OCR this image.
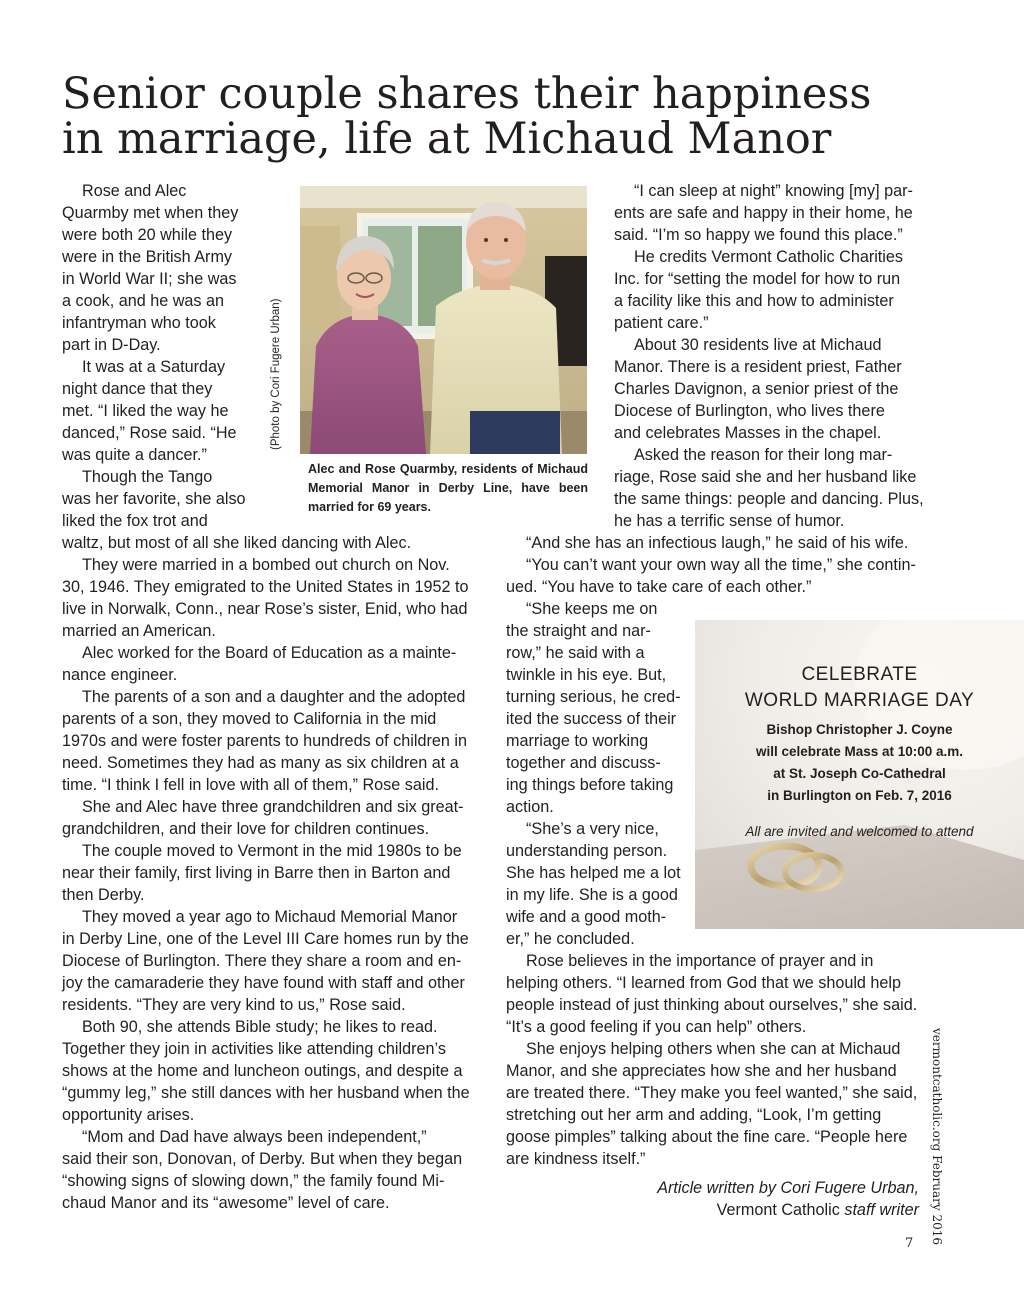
Senior couple shares their happiness
in marriage, life at Michaud Manor
Rose and Alec
Quarmby met when they
were both 20 while they
were in the British Army
in World War II; she was
a cook, and he was an
infantryman who took
part in D-Day.
It was at a Saturday
night dance that they
met. “I liked the way he
danced,” Rose said. “He
was quite a dancer.”
Though the Tango
was her favorite, she also
liked the fox trot and
waltz, but most of all she liked dancing with Alec.
They were married in a bombed out church on Nov.
30, 1946. They emigrated to the United States in 1952 to
live in Norwalk, Conn., near Rose’s sister, Enid, who had
married an American.
Alec worked for the Board of Education as a mainte-
nance engineer.
The parents of a son and a daughter and the adopted
parents of a son, they moved to California in the mid
1970s and were foster parents to hundreds of children in
need. Sometimes they had as many as six children at a
time. “I think I fell in love with all of them,” Rose said.
She and Alec have three grandchildren and six great-
grandchildren, and their love for children continues.
The couple moved to Vermont in the mid 1980s to be
near their family, first living in Barre then in Barton and
then Derby.
They moved a year ago to Michaud Memorial Manor
in Derby Line, one of the Level III Care homes run by the
Diocese of Burlington. There they share a room and en-
joy the camaraderie they have found with staff and other
residents. “They are very kind to us,” Rose said.
Both 90, she attends Bible study; he likes to read.
Together they join in activities like attending children’s
shows at the home and luncheon outings, and despite a
“gummy leg,” she still dances with her husband when the
opportunity arises.
“Mom and Dad have always been independent,”
said their son, Donovan, of Derby. But when they began
“showing signs of slowing down,” the family found Mi-
chaud Manor and its “awesome” level of care.
“I can sleep at night” knowing [my] par-
ents are safe and happy in their home, he
said. “I’m so happy we found this place.”
He credits Vermont Catholic Charities
Inc. for “setting the model for how to run
a facility like this and how to administer
patient care.”
About 30 residents live at Michaud
Manor. There is a resident priest, Father
Charles Davignon, a senior priest of the
Diocese of Burlington, who lives there
and celebrates Masses in the chapel.
Asked the reason for their long mar-
riage, Rose said she and her husband like
the same things: people and dancing. Plus,
he has a terrific sense of humor.
“And she has an infectious laugh,” he said of his wife.
“You can’t want your own way all the time,” she contin-
ued. “You have to take care of each other.”
“She keeps me on
the straight and nar-
row,” he said with a
twinkle in his eye. But,
turning serious, he cred-
ited the success of their
marriage to working
together and discuss-
ing things before taking
action.
“She’s a very nice,
understanding person.
She has helped me a lot
in my life. She is a good
wife and a good moth-
er,” he concluded.
Rose believes in the importance of prayer and in
helping others. “I learned from God that we should help
people instead of just thinking about ourselves,” she said.
“It’s a good feeling if you can help” others.
She enjoys helping others when she can at Michaud
Manor, and she appreciates how she and her husband
are treated there. “They make you feel wanted,” she said,
stretching out her arm and adding, “Look, I’m getting
goose pimples” talking about the fine care. “People here
are kindness itself.”
(Photo by Cori Fugere Urban)
Alec and Rose Quarmby, residents of Michaud Memorial Manor in Derby Line, have been married for 69 years.
CELEBRATE
WORLD MARRIAGE DAY
Bishop Christopher J. Coyne
will celebrate Mass at 10:00 a.m.
at St. Joseph Co-Cathedral
in Burlington on Feb. 7, 2016
All are invited and welcomed to attend
Article written by Cori Fugere Urban,
Vermont Catholic staff writer vermontcatholic.org February 2016
7
